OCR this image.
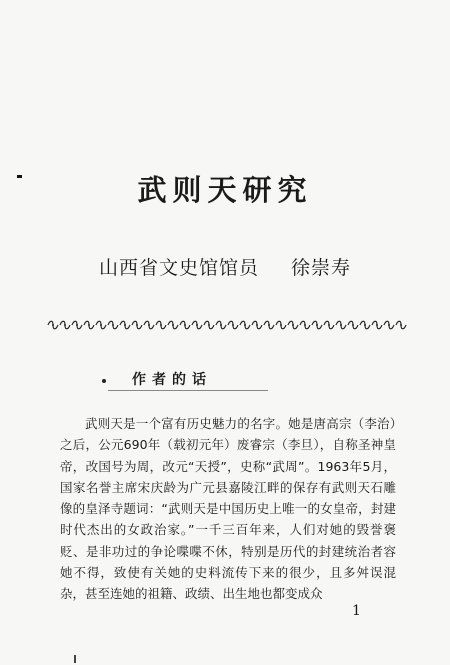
武则天研究
山西省文史馆馆员 徐崇寿
作者的话

武则天是一个富有历史魅力的名字。她是唐高宗（李治）之后，公元690年（载初元年）废睿宗（李旦），自称圣神皇帝，改国号为周，改元“天授”，史称“武周”。1963年5月，国家名誉主席宋庆龄为广元县嘉陵江畔的保存有武则天石雕像的皇泽寺题词：“武则天是中国历史上唯一的女皇帝，封建时代杰出的女政治家。”一千三百年来，人们对她的毁誉褒贬、是非功过的争论喋喋不休，特别是历代的封建统治者容她不得，致使有关她的史料流传下来的很少，且多舛误混杂，甚至连她的祖籍、政绩、出生地也都变成众

1
